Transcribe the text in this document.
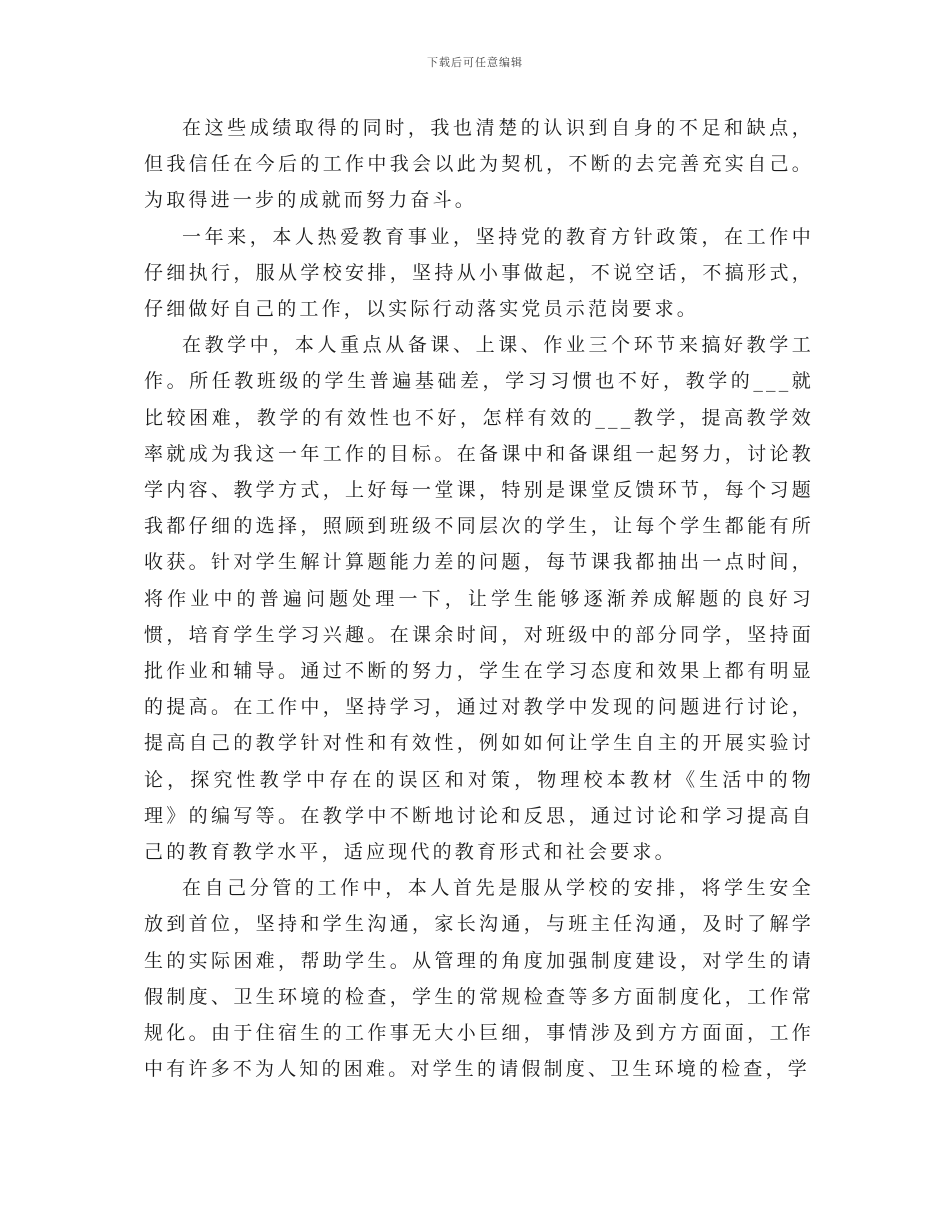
下载后可任意编辑

在这些成绩取得的同时，我也清楚的认识到自身的不足和缺点，但我信任在今后的工作中我会以此为契机，不断的去完善充实自己。为取得进一步的成就而努力奋斗。

一年来，本人热爱教育事业，坚持党的教育方针政策，在工作中仔细执行，服从学校安排，坚持从小事做起，不说空话，不搞形式，仔细做好自己的工作，以实际行动落实党员示范岗要求。

在教学中，本人重点从备课、上课、作业三个环节来搞好教学工作。所任教班级的学生普遍基础差，学习习惯也不好，教学的___就比较困难，教学的有效性也不好，怎样有效的___教学，提高教学效率就成为我这一年工作的目标。在备课中和备课组一起努力，讨论教学内容、教学方式，上好每一堂课，特别是课堂反馈环节，每个习题我都仔细的选择，照顾到班级不同层次的学生，让每个学生都能有所收获。针对学生解计算题能力差的问题，每节课我都抽出一点时间，将作业中的普遍问题处理一下，让学生能够逐渐养成解题的良好习惯，培育学生学习兴趣。在课余时间，对班级中的部分同学，坚持面批作业和辅导。通过不断的努力，学生在学习态度和效果上都有明显的提高。在工作中，坚持学习，通过对教学中发现的问题进行讨论，提高自己的教学针对性和有效性，例如如何让学生自主的开展实验讨论，探究性教学中存在的误区和对策，物理校本教材《生活中的物理》的编写等。在教学中不断地讨论和反思，通过讨论和学习提高自己的教育教学水平，适应现代的教育形式和社会要求。

在自己分管的工作中，本人首先是服从学校的安排，将学生安全放到首位，坚持和学生沟通，家长沟通，与班主任沟通，及时了解学生的实际困难，帮助学生。从管理的角度加强制度建设，对学生的请假制度、卫生环境的检查，学生的常规检查等多方面制度化，工作常规化。由于住宿生的工作事无大小巨细，事情涉及到方方面面，工作中有许多不为人知的困难。对学生的请假制度、卫生环境的检查，学
